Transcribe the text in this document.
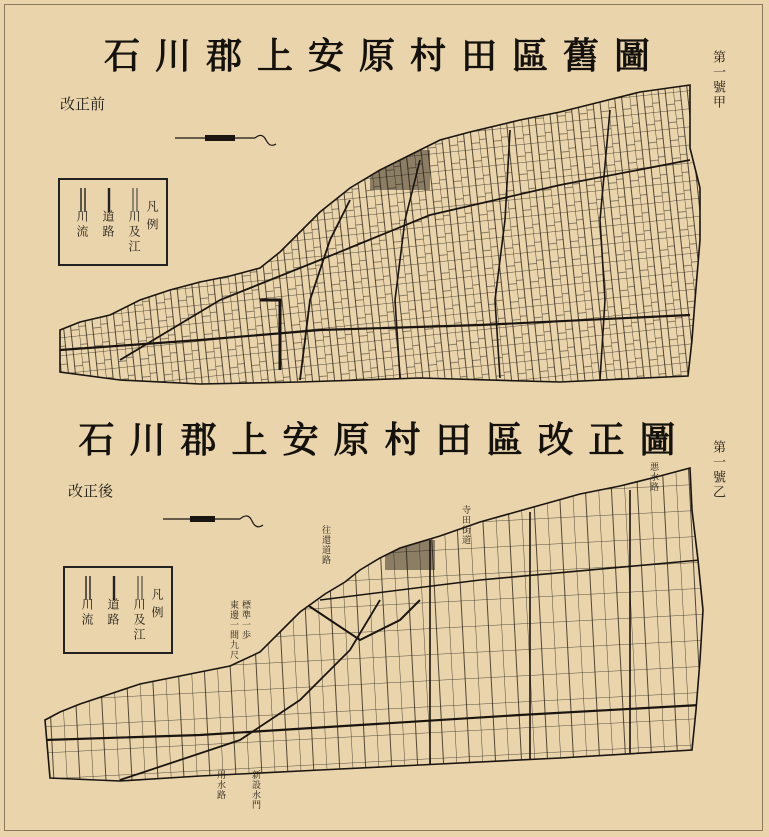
石川郡上安原村田區舊圖
改正前	第一號甲
石川郡上安原村田區改正圖
改正後	第一號乙
凡例
川及江
道路
川流
凡例
川及江
道路
川流
悪水路
寺田街道
標準一歩
東邊一間九尺
往還道路
新設水門
用水路
